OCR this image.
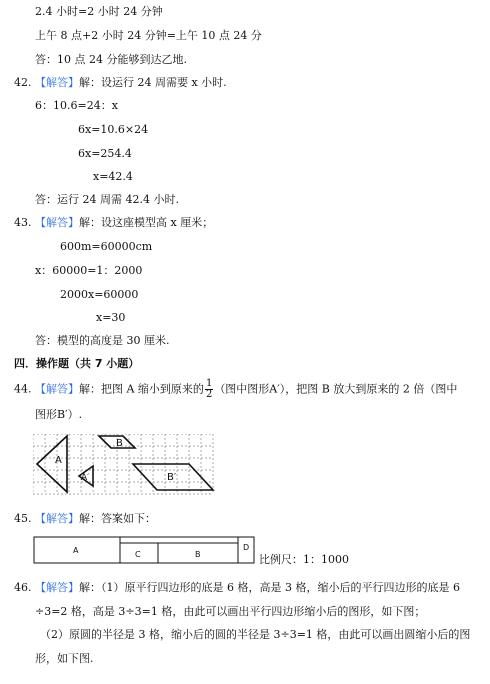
2.4 小时=2 小时 24 分钟
上午 8 点+2 小时 24 分钟=上午 10 点 24 分
答：10 点 24 分能够到达乙地.
42. 【解答】解：设运行 24 周需要 x 小时.
6：10.6=24：x
6x=10.6×24
6x=254.4
x=42.4
答：运行 24 周需 42.4 小时.
43. 【解答】解：设这座模型高 x 厘米；
600m=60000cm
x：60000=1：2000
2000x=60000
x=30
答：模型的高度是 30 厘米.
四．操作题（共 7 小题）
44. 【解答】解：把图 A 缩小到原来的 $\frac{1}{2}$ （图中图形A′），把图 B 放大到原来的 2 倍（图中
图形B′）.
A
A′
B
B′
45. 【解答】解：答案如下：
A	C	B
D
比例尺：1：1000
46. 【解答】解：（1）原平行四边形的底是 6 格，高是 3 格，缩小后的平行四边形的底是 6
÷3=2 格，高是 3÷3=1 格，由此可以画出平行四边形缩小后的图形，如下图；
（2）原圆的半径是 3 格，缩小后的圆的半径是 3÷3=1 格，由此可以画出圆缩小后的图
形，如下图.
